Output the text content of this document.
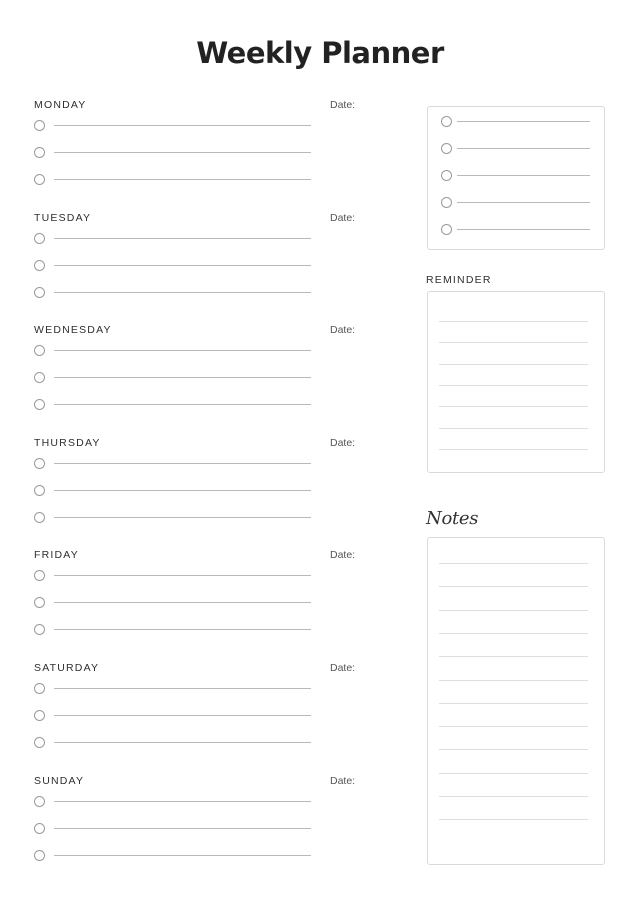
Weekly Planner
MONDAY	Date:
TUESDAY	Date:
WEDNESDAY	Date:
THURSDAY	Date:
FRIDAY	Date:
SATURDAY	Date:
SUNDAY	Date:
REMINDER
Notes
